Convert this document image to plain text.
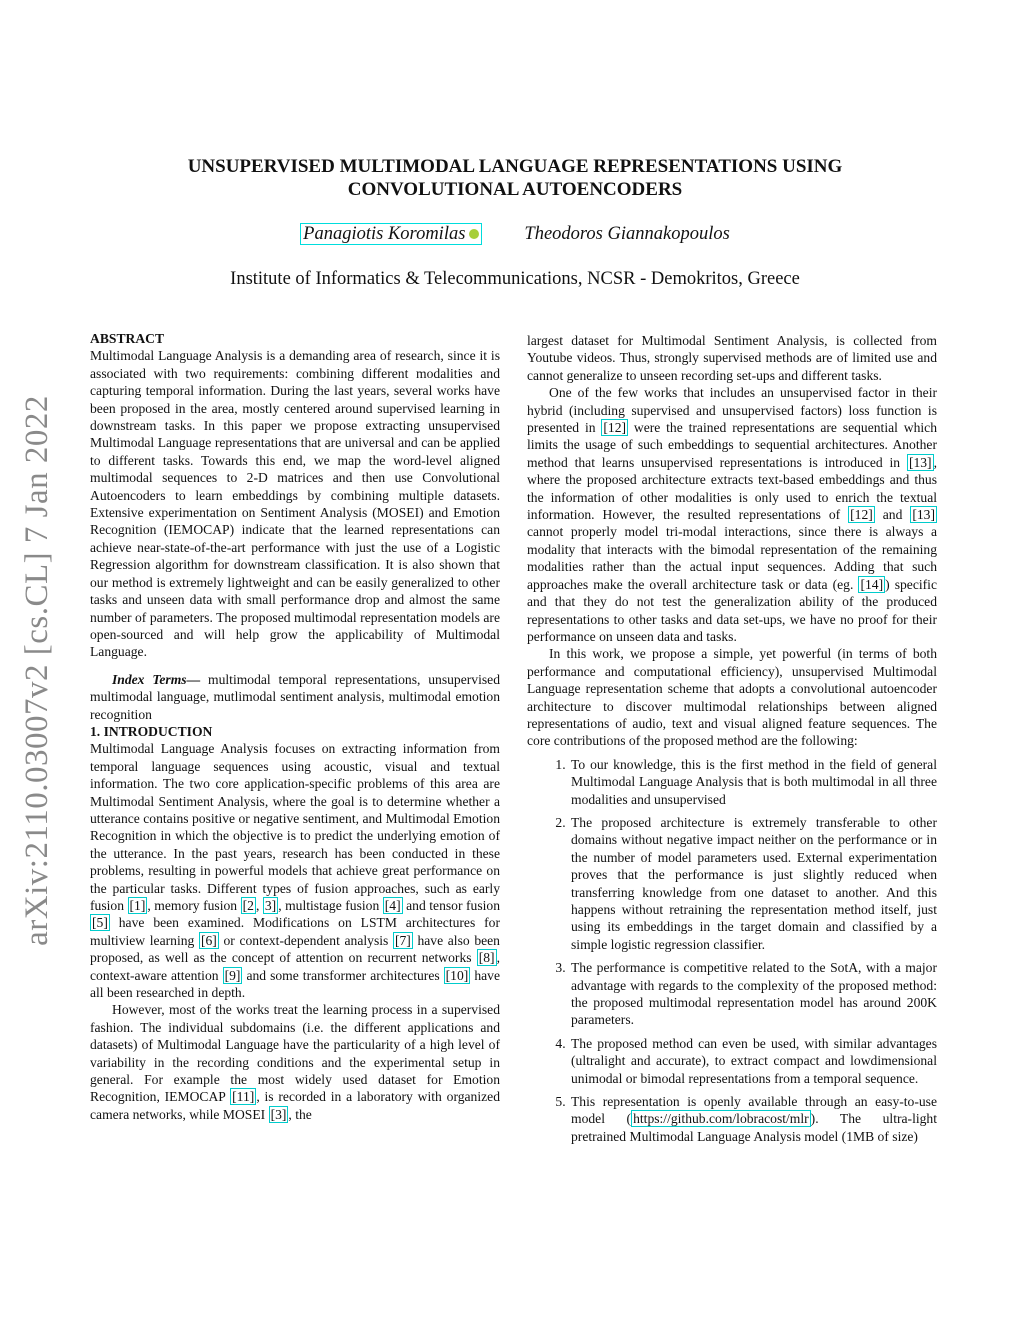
arXiv:2110.03007v2 [cs.CL] 7 Jan 2022
UNSUPERVISED MULTIMODAL LANGUAGE REPRESENTATIONS USING
CONVOLUTIONAL AUTOENCODERS
Panagiotis Koromilas	Theodoros Giannakopoulos
Institute of Informatics & Telecommunications, NCSR - Demokritos, Greece

ABSTRACT

Multimodal Language Analysis is a demanding area of research, since it is associated with two requirements: combining different modalities and capturing temporal information. During the last years, several works have been proposed in the area, mostly centered around supervised learning in downstream tasks. In this paper we propose extracting unsupervised Multimodal Language representations that are universal and can be applied to different tasks. Towards this end, we map the word-level aligned multimodal sequences to 2-D matrices and then use Convolutional Autoencoders to learn embeddings by combining multiple datasets. Extensive experimentation on Sentiment Analysis (MOSEI) and Emotion Recognition (IEMOCAP) indicate that the learned representations can achieve near-state-of-the-art performance with just the use of a Logistic Regression algorithm for downstream classification. It is also shown that our method is extremely lightweight and can be easily generalized to other tasks and unseen data with small performance drop and almost the same number of parameters. The proposed multimodal representation models are open-sourced and will help grow the applicability of Multimodal Language.

Index Terms— multimodal temporal representations, unsupervised multimodal language, mutlimodal sentiment analysis, multimodal emotion recognition

1. INTRODUCTION

Multimodal Language Analysis focuses on extracting information from temporal language sequences using acoustic, visual and textual information. The two core application-specific problems of this area are Multimodal Sentiment Analysis, where the goal is to determine whether a utterance contains positive or negative sentiment, and Multimodal Emotion Recognition in which the objective is to predict the underlying emotion of the utterance. In the past years, research has been conducted in these problems, resulting in powerful models that achieve great performance on the particular tasks. Different types of fusion approaches, such as early fusion [1] , memory fusion [2 , 3] , multistage fusion [4] and tensor fusion [5] have been examined. Modifications on LSTM architectures for multiview learning [6] or context-dependent analysis [7] have also been proposed, as well as the concept of attention on recurrent networks [8] , context-aware attention [9] and some transformer architectures [10] have all been researched in depth.

However, most of the works treat the learning process in a supervised fashion. The individual subdomains (i.e. the different applications and datasets) of Multimodal Language have the particularity of a high level of variability in the recording conditions and the experimental setup in general. For example the most widely used dataset for Emotion Recognition, IEMOCAP [11] , is recorded in a laboratory with organized camera networks, while MOSEI [3] , the

largest dataset for Multimodal Sentiment Analysis, is collected from Youtube videos. Thus, strongly supervised methods are of limited use and cannot generalize to unseen recording set-ups and different tasks.

One of the few works that includes an unsupervised factor in their hybrid (including supervised and unsupervised factors) loss function is presented in [12] were the trained representations are sequential which limits the usage of such embeddings to sequential architectures. Another method that learns unsupervised representations is introduced in [13] , where the proposed architecture extracts text-based embeddings and thus the information of other modalities is only used to enrich the textual information. However, the resulted representations of [12] and [13] cannot properly model tri-modal interactions, since there is always a modality that interacts with the bimodal representation of the remaining modalities rather than the actual input sequences. Adding that such approaches make the overall architecture task or data (eg. [14] ) specific and that they do not test the generalization ability of the produced representations to other tasks and data set-ups, we have no proof for their performance on unseen data and tasks.

In this work, we propose a simple, yet powerful (in terms of both performance and computational efficiency), unsupervised Multimodal Language representation scheme that adopts a convolutional autoencoder architecture to discover multimodal relationships between aligned representations of audio, text and visual aligned feature sequences. The core contributions of the proposed method are the following:

1. To our knowledge, this is the first method in the field of general Multimodal Language Analysis that is both multimodal in all three modalities and unsupervised
2. The proposed architecture is extremely transferable to other domains without negative impact neither on the performance or in the number of model parameters used. External experimentation proves that the performance is just slightly reduced when transferring knowledge from one dataset to another. And this happens without retraining the representation method itself, just using its embeddings in the target domain and classified by a simple logistic regression classifier.
3. The performance is competitive related to the SotA, with a major advantage with regards to the complexity of the proposed method: the proposed multimodal representation model has around 200K parameters.
4. The proposed method can even be used, with similar advantages (ultralight and accurate), to extract compact and lowdimensional unimodal or bimodal representations from a temporal sequence.
5. This representation is openly available through an easy-to-use model ( https://github.com/lobracost/mlr ). The ultra-light pretrained Multimodal Language Analysis model (1MB of size)
